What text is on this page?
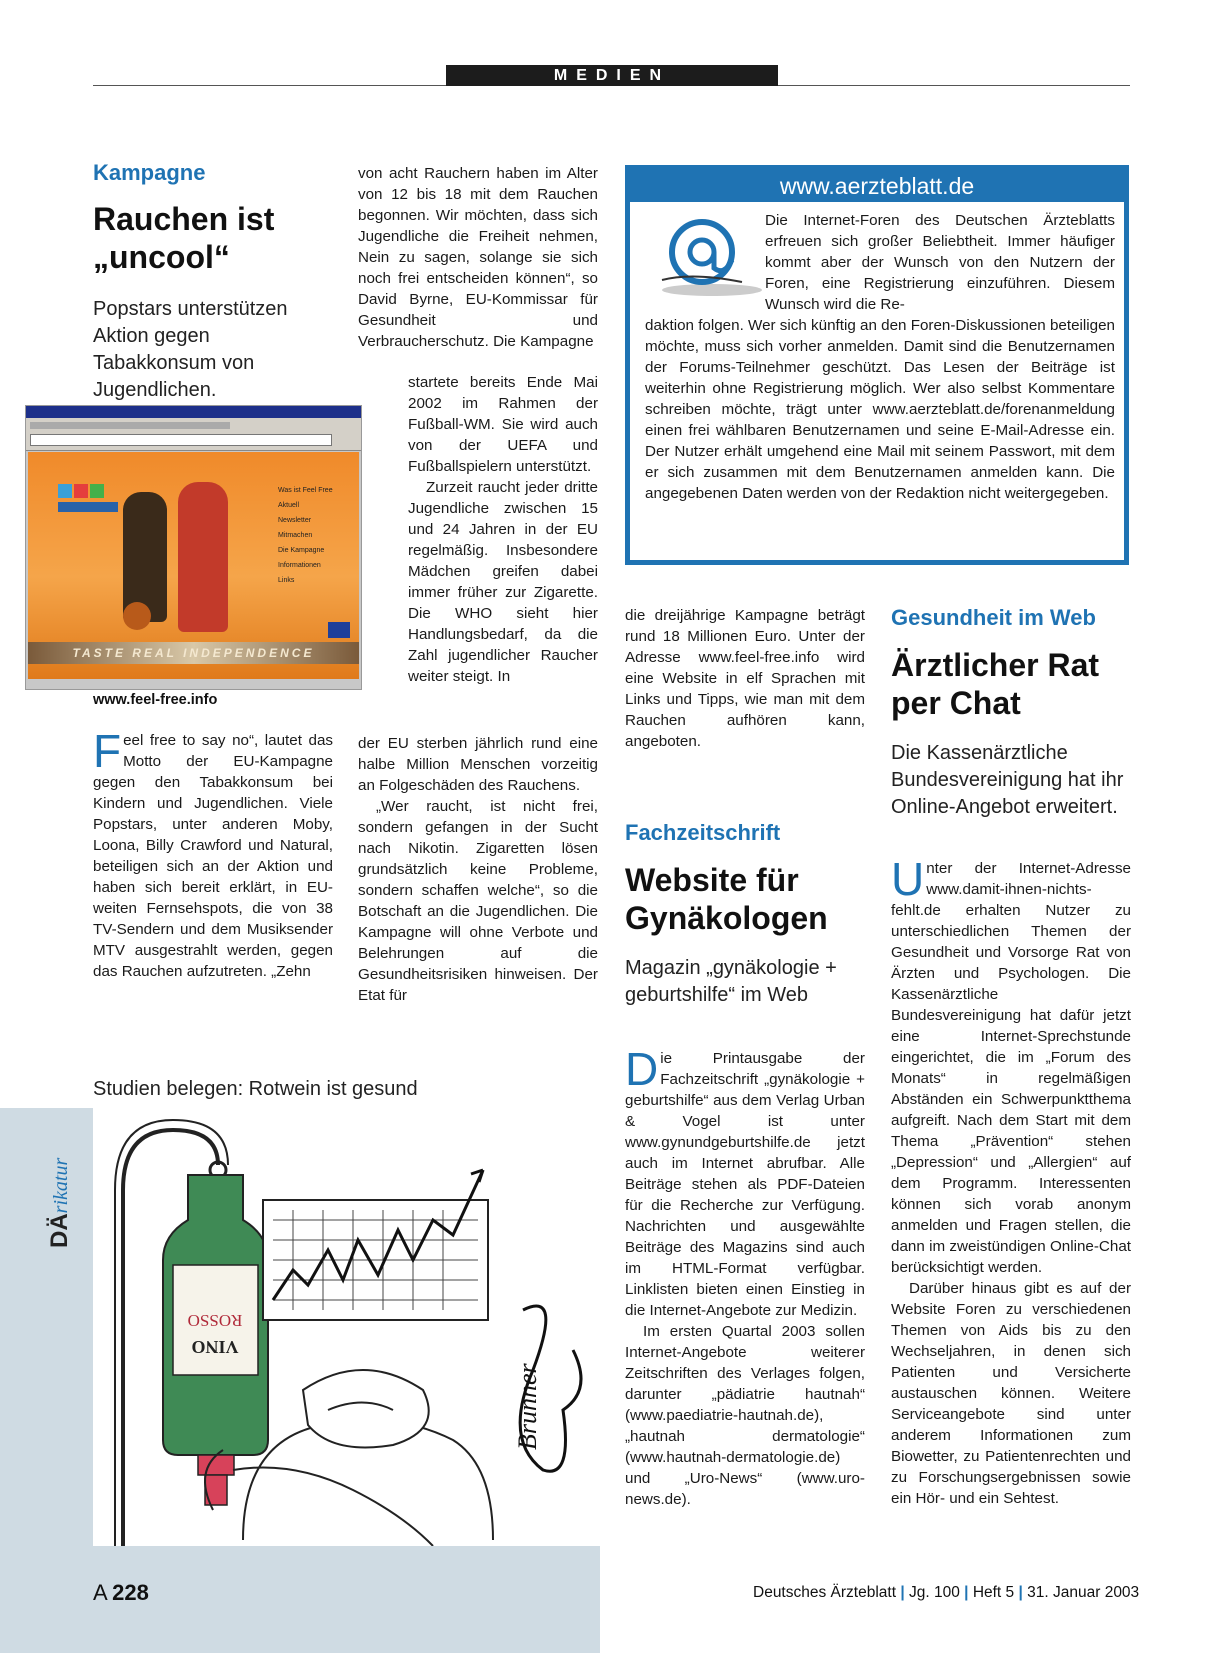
MEDIEN
Kampagne
Rauchen ist
„uncool“
Popstars unterstützen Aktion gegen Tabakkonsum von Jugendlichen.
Was ist Feel Free
Aktuell
Newsletter
Mitmachen
Die Kampagne
Informationen
Links
TASTE REAL INDEPENDENCE
www.feel-free.info
Feel free to say no“, lautet das Motto der EU-Kampagne gegen den Tabakkonsum bei Kindern und Jugendlichen. Viele Popstars, unter anderen Moby, Loona, Billy Crawford und Natural, beteiligen sich an der Aktion und haben sich bereit erklärt, in EU-weiten Fernsehspots, die von 38 TV-Sendern und dem Musiksender MTV ausgestrahlt werden, gegen das Rauchen aufzutreten. „Zehn
von acht Rauchern haben im Alter von 12 bis 18 mit dem Rauchen begonnen. Wir möchten, dass sich Jugendliche die Freiheit nehmen, Nein zu sagen, solange sie sich noch frei entscheiden können“, so David Byrne, EU-Kommissar für Gesundheit und Verbraucherschutz. Die Kampagne

startete bereits Ende Mai 2002 im Rahmen der Fußball-WM. Sie wird auch von der UEFA und Fußballspielern unterstützt.

Zurzeit raucht jeder dritte Jugendliche zwischen 15 und 24 Jahren in der EU regelmäßig. Insbesondere Mädchen greifen dabei immer früher zur Zigarette. Die WHO sieht hier Handlungsbedarf, da die Zahl jugendlicher Raucher weiter steigt. In

der EU sterben jährlich rund eine halbe Million Menschen vorzeitig an Folgeschäden des Rauchens.

„Wer raucht, ist nicht frei, sondern gefangen in der Sucht nach Nikotin. Zigaretten lösen grundsätzlich keine Probleme, sondern schaffen welche“, so die Botschaft an die Jugendlichen. Die Kampagne will ohne Verbote und Belehrungen auf die Gesundheitsrisiken hinweisen. Der Etat für

die dreijährige Kampagne beträgt rund 18 Millionen Euro. Unter der Adresse www.feel-free.info wird eine Website in elf Sprachen mit Links und Tipps, wie man mit dem Rauchen aufhören kann, angeboten.
www.aerzteblatt.de
Die Internet-Foren des Deutschen Ärzteblatts erfreuen sich großer Beliebtheit. Immer häufiger kommt aber der Wunsch von den Nutzern der Foren, eine Registrierung einzuführen. Diesem Wunsch wird die Re-
daktion folgen. Wer sich künftig an den Foren-Diskussionen beteiligen möchte, muss sich vorher anmelden. Damit sind die Benutzernamen der Forums-Teilnehmer geschützt. Das Lesen der Beiträge ist weiterhin ohne Registrierung möglich. Wer also selbst Kommentare schreiben möchte, trägt unter www.aerzteblatt.de/forenanmeldung einen frei wählbaren Benutzernamen und seine E-Mail-Adresse ein. Der Nutzer erhält umgehend eine Mail mit seinem Passwort, mit dem er sich zusammen mit dem Benutzernamen anmelden kann. Die angegebenen Daten werden von der Redaktion nicht weitergegeben.
Fachzeitschrift
Website für
Gynäkologen
Magazin „gynäkologie + geburtshilfe“ im Web
D ie Printausgabe der Fachzeitschrift „gynäkologie + geburtshilfe“ aus dem Verlag Urban & Vogel ist unter www.gynundgeburtshilfe.de jetzt auch im Internet abrufbar. Alle Beiträge stehen als PDF-Dateien für die Recherche zur Verfügung. Nachrichten und ausgewählte Beiträge des Magazins sind auch im HTML-Format verfügbar. Linklisten bieten einen Einstieg in die Internet-Angebote zur Medizin.

Im ersten Quartal 2003 sollen Internet-Angebote weiterer Zeitschriften des Verlages folgen, darunter „pädiatrie hautnah“ (www.paediatrie-hautnah.de), „hautnah dermatologie“ (www.hautnah-dermatologie.de) und „Uro-News“ (www.uro-news.de).

Gesundheit im Web
Ärztlicher Rat
per Chat
Die Kassenärztliche Bundesvereinigung hat ihr Online-Angebot erweitert.
U nter der Internet-Adresse www.damit-ihnen-nichts-fehlt.de erhalten Nutzer zu unterschiedlichen Themen der Gesundheit und Vorsorge Rat von Ärzten und Psychologen. Die Kassenärztliche Bundesvereinigung hat dafür jetzt eine Internet-Sprechstunde eingerichtet, die im „Forum des Monats“ in regelmäßigen Abständen ein Schwerpunktthema aufgreift. Nach dem Start mit dem Thema „Prävention“ stehen „Depression“ und „Allergien“ auf dem Programm. Interessenten können sich vorab anonym anmelden und Fragen stellen, die dann im zweistündigen Online-Chat berücksichtigt werden.

Darüber hinaus gibt es auf der Website Foren zu verschiedenen Themen von Aids bis zu den Wechseljahren, in denen sich Patienten und Versicherte austauschen können. Weitere Serviceangebote sind unter anderem Informationen zum Biowetter, zu Patientenrechten und zu Forschungsergebnissen sowie ein Hör- und ein Sehtest.

DÄrikatur
Studien belegen: Rotwein ist gesund
ROSSO
VINO
Brunner
A  228	Deutsches Ärzteblatt | Jg. 100 | Heft 5 | 31. Januar 2003
